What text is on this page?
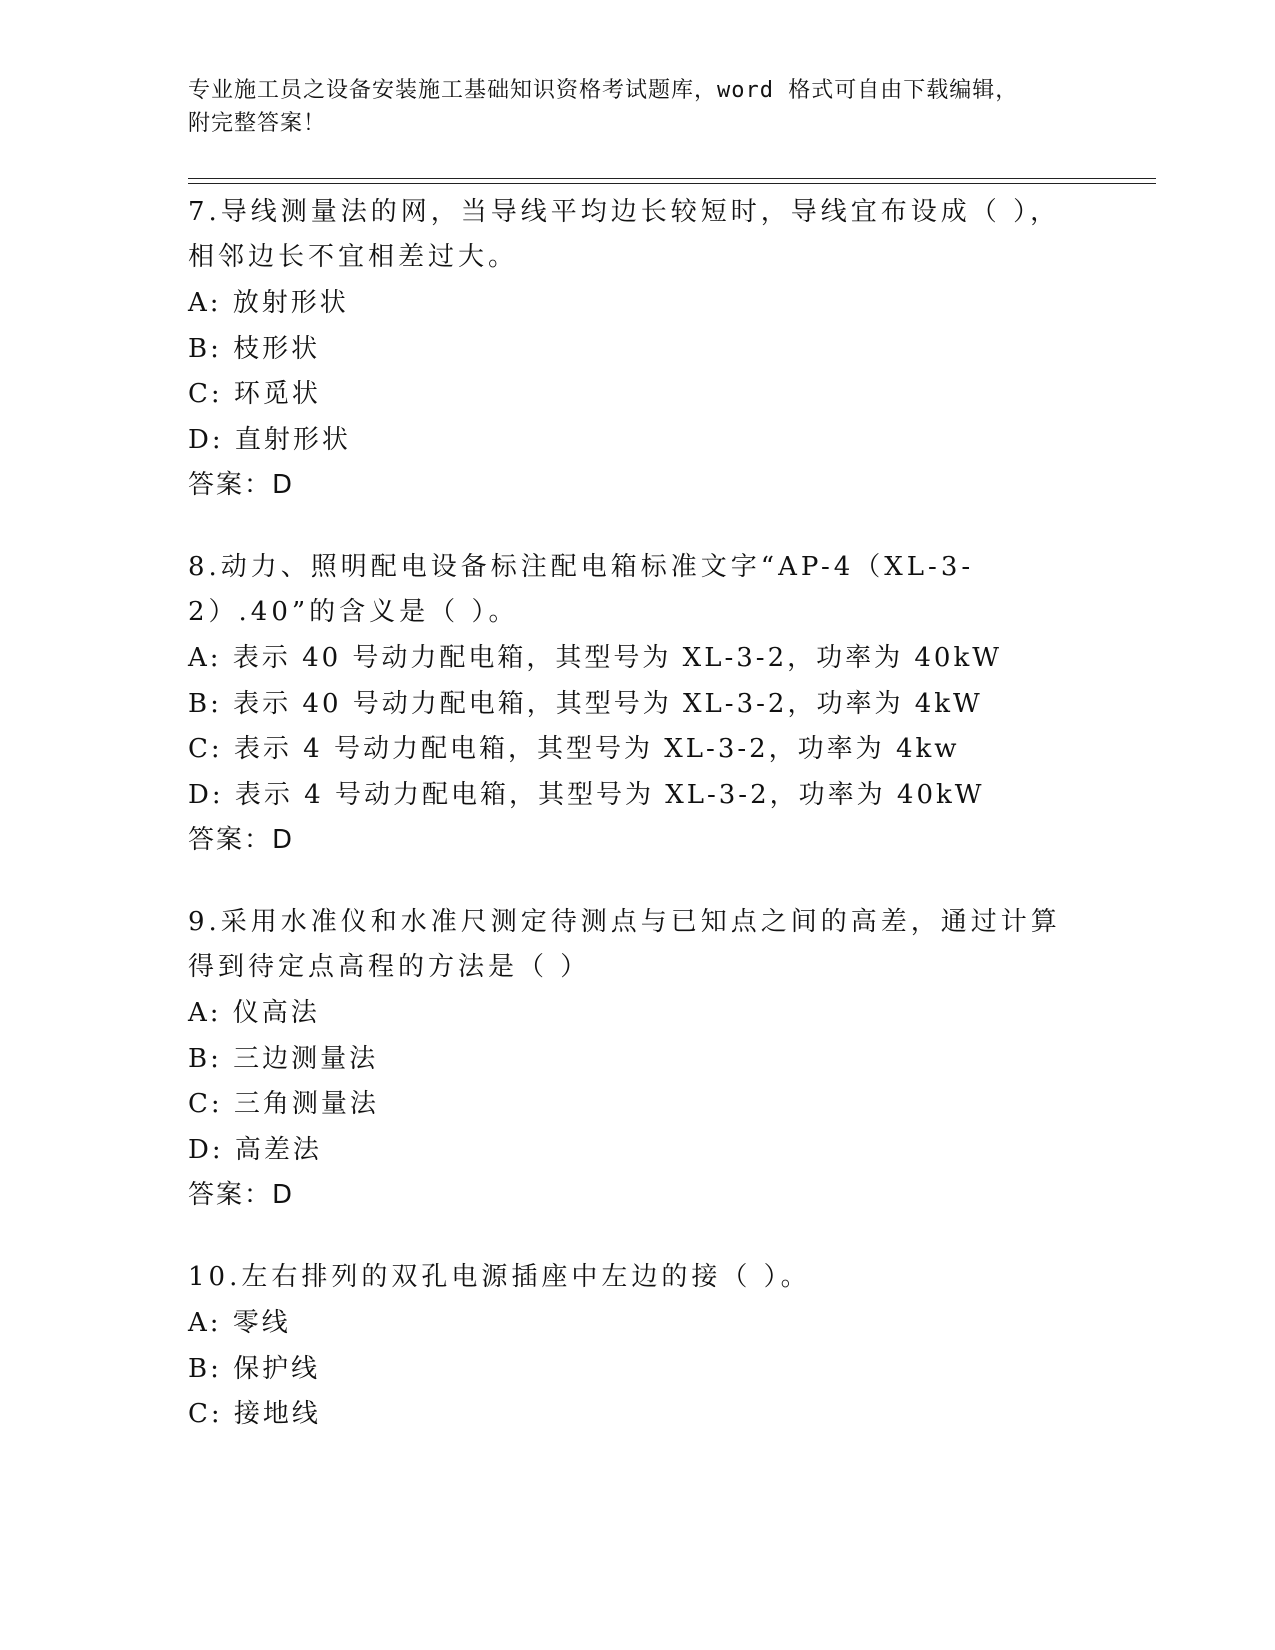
专业施工员之设备安装施工基础知识资格考试题库，word 格式可自由下载编辑，
附完整答案！
7.导线测量法的网，当导线平均边长较短时，导线宜布设成（ ），相邻边长不宜相差过大。
A: 放射形状
B: 枝形状
C: 环觅状
D: 直射形状
答案：D
8.动力、照明配电设备标注配电箱标准文字“AP-4（XL-3-2）.40”的含义是（ ）。
A: 表示 40 号动力配电箱，其型号为 XL-3-2，功率为 40kW
B: 表示 40 号动力配电箱，其型号为 XL-3-2，功率为 4kW
C: 表示 4 号动力配电箱，其型号为 XL-3-2，功率为 4kw
D: 表示 4 号动力配电箱，其型号为 XL-3-2，功率为 40kW
答案：D
9.采用水准仪和水准尺测定待测点与已知点之间的高差，通过计算得到待定点高程的方法是（ ）
A: 仪高法
B: 三边测量法
C: 三角测量法
D: 高差法
答案：D
10.左右排列的双孔电源插座中左边的接（ ）。
A: 零线
B: 保护线
C: 接地线
